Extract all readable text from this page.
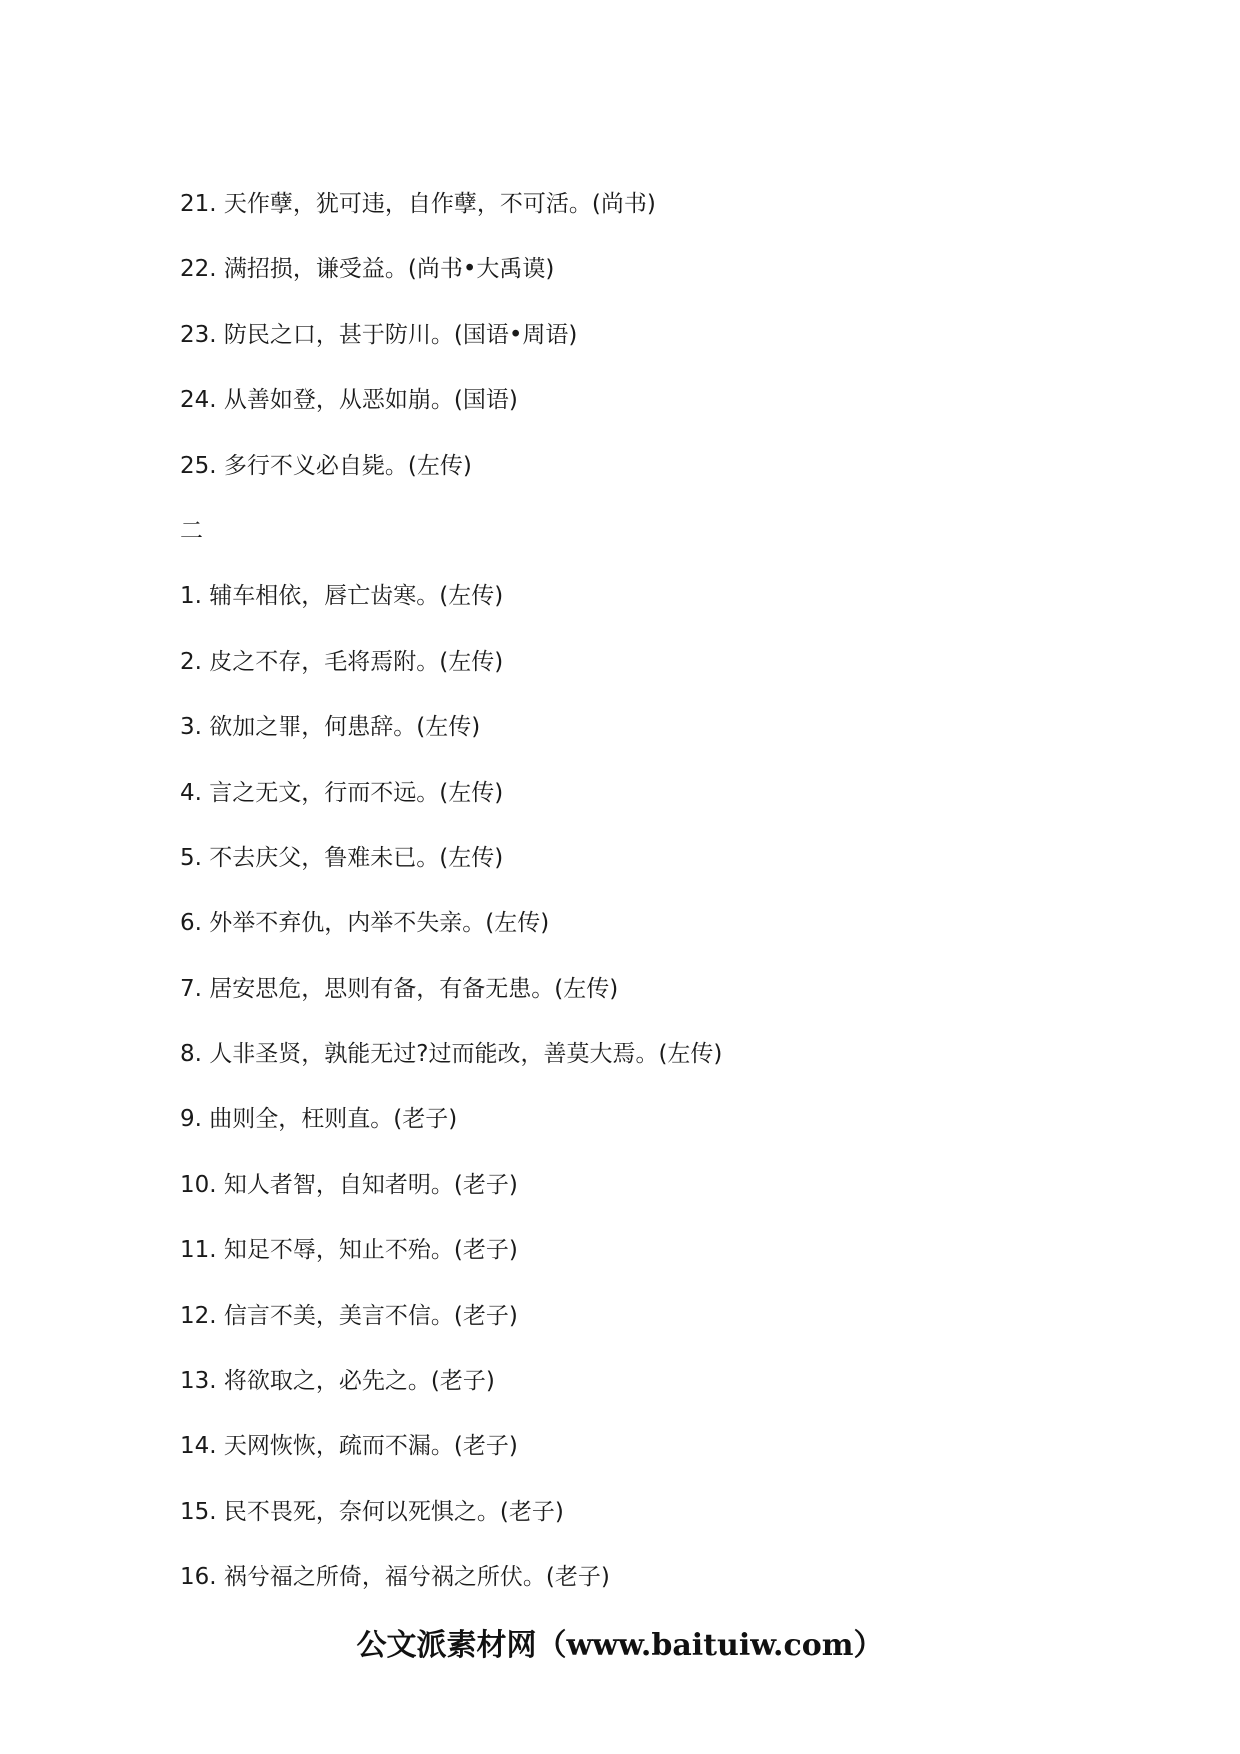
21. 天作孽，犹可违，自作孽，不可活。(尚书)
22. 满招损，谦受益。(尚书•大禹谟)
23. 防民之口，甚于防川。(国语•周语)
24. 从善如登，从恶如崩。(国语)
25. 多行不义必自毙。(左传)
二
1. 辅车相依，唇亡齿寒。(左传)
2. 皮之不存，毛将焉附。(左传)
3. 欲加之罪，何患辞。(左传)
4. 言之无文，行而不远。(左传)
5. 不去庆父，鲁难未已。(左传)
6. 外举不弃仇，内举不失亲。(左传)
7. 居安思危，思则有备，有备无患。(左传)
8. 人非圣贤，孰能无过?过而能改，善莫大焉。(左传)
9. 曲则全，枉则直。(老子)
10. 知人者智，自知者明。(老子)
11. 知足不辱，知止不殆。(老子)
12. 信言不美，美言不信。(老子)
13. 将欲取之，必先之。(老子)
14. 天网恢恢，疏而不漏。(老子)
15. 民不畏死，奈何以死惧之。(老子)
16. 祸兮福之所倚，福兮祸之所伏。(老子)
公文派素材网（www.baituiw.com）
